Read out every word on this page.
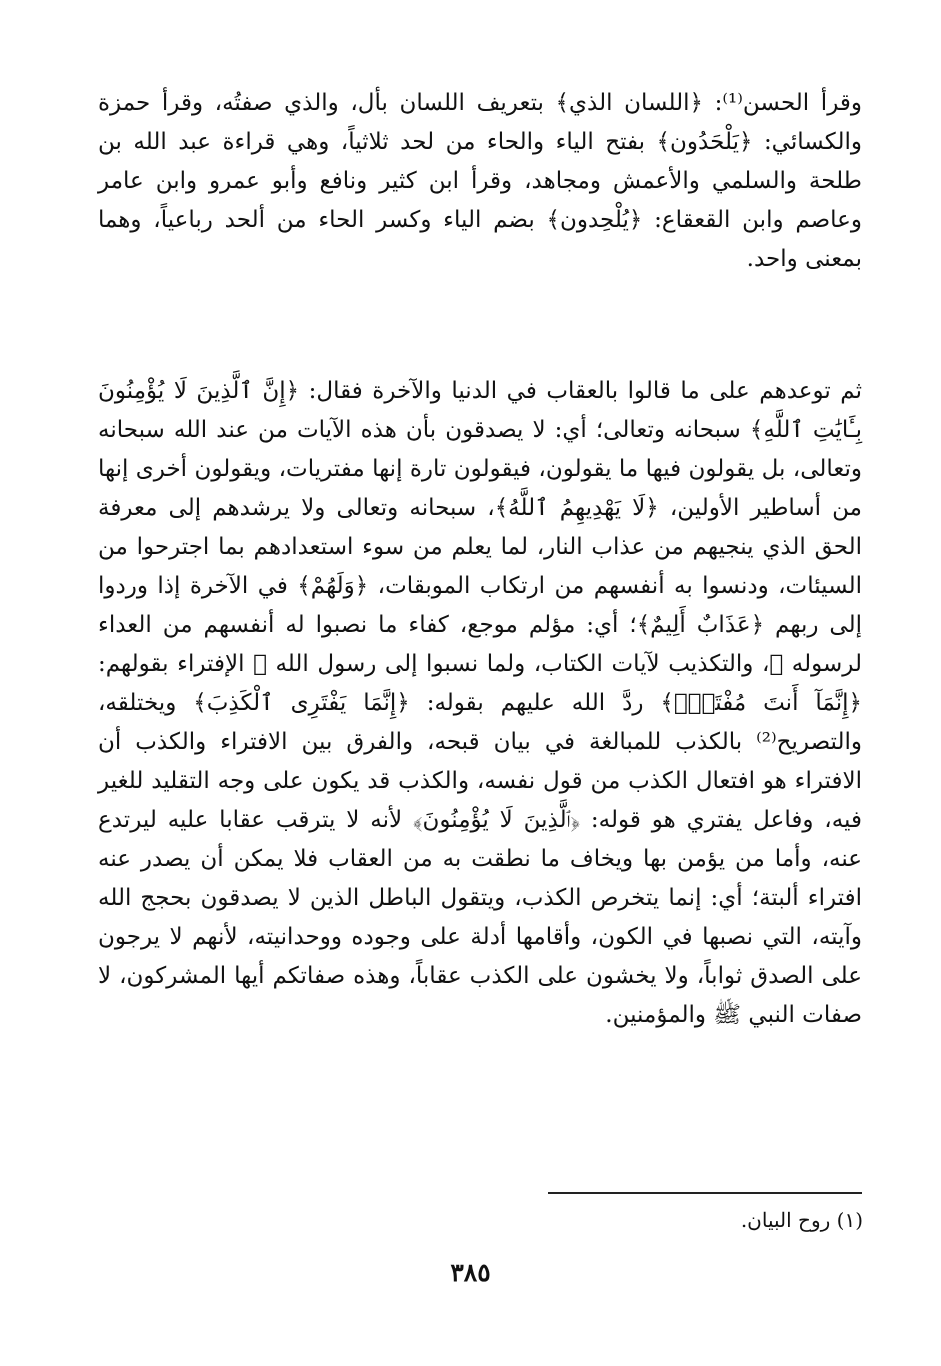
وقرأ الحسن⁽¹⁾: ﴿اللسان الذي﴾ بتعريف اللسان بأل، والذي صفتُه، وقرأ حمزة والكسائي: ﴿يَلْحَدُون﴾ بفتح الياء والحاء من لحد ثلاثياً، وهي قراءة عبد الله بن طلحة والسلمي والأعمش ومجاهد، وقرأ ابن كثير ونافع وأبو عمرو وابن عامر وعاصم وابن القعقاع: ﴿يُلْحِدون﴾ بضم الياء وكسر الحاء من ألحد رباعياً، وهما بمعنى واحد.

ثم توعدهم على ما قالوا بالعقاب في الدنيا والآخرة فقال: ﴿إِنَّ ٱلَّذِينَ لَا يُؤْمِنُونَ بِـَٔايَٰتِ ٱللَّهِ﴾ سبحانه وتعالى؛ أي: لا يصدقون بأن هذه الآيات من عند الله سبحانه وتعالى، بل يقولون فيها ما يقولون، فيقولون تارة إنها مفتريات، ويقولون أخرى إنها من أساطير الأولين، ﴿لَا يَهْدِيهِمُ ٱللَّهُ﴾، سبحانه وتعالى ولا يرشدهم إلى معرفة الحق الذي ينجيهم من عذاب النار، لما يعلم من سوء استعدادهم بما اجترحوا من السيئات، ودنسوا به أنفسهم من ارتكاب الموبقات، ﴿وَلَهُمْ﴾ في الآخرة إذا وردوا إلى ربهم ﴿عَذَابٌ أَلِيمٌ﴾؛ أي: مؤلم موجع، كفاء ما نصبوا له أنفسهم من العداء لرسوله ﷺ، والتكذيب لآيات الكتاب، ولما نسبوا إلى رسول الله ﷺ الإفتراء بقولهم: ﴿إِنَّمَآ أَنتَ مُفْتَرٍۭ﴾ ردَّ الله عليهم بقوله: ﴿إِنَّمَا يَفْتَرِى ٱلْكَذِبَ﴾ ويختلقه، والتصريح⁽²⁾ بالكذب للمبالغة في بيان قبحه، والفرق بين الافتراء والكذب أن الافتراء هو افتعال الكذب من قول نفسه، والكذب قد يكون على وجه التقليد للغير فيه، وفاعل يفتري هو قوله: ﴿ٱلَّذِينَ لَا يُؤْمِنُونَ﴾ لأنه لا يترقب عقابا عليه ليرتدع عنه، وأما من يؤمن بها ويخاف ما نطقت به من العقاب فلا يمكن أن يصدر عنه افتراء ألبتة؛ أي: إنما يتخرص الكذب، ويتقول الباطل الذين لا يصدقون بحجج الله وآيته، التي نصبها في الكون، وأقامها أدلة على وجوده ووحدانيته، لأنهم لا يرجون على الصدق ثواباً، ولا يخشون على الكذب عقاباً، وهذه صفاتكم أيها المشركون، لا صفات النبي ﷺ والمؤمنين.

(١) روح البيان.

٣٨٥
